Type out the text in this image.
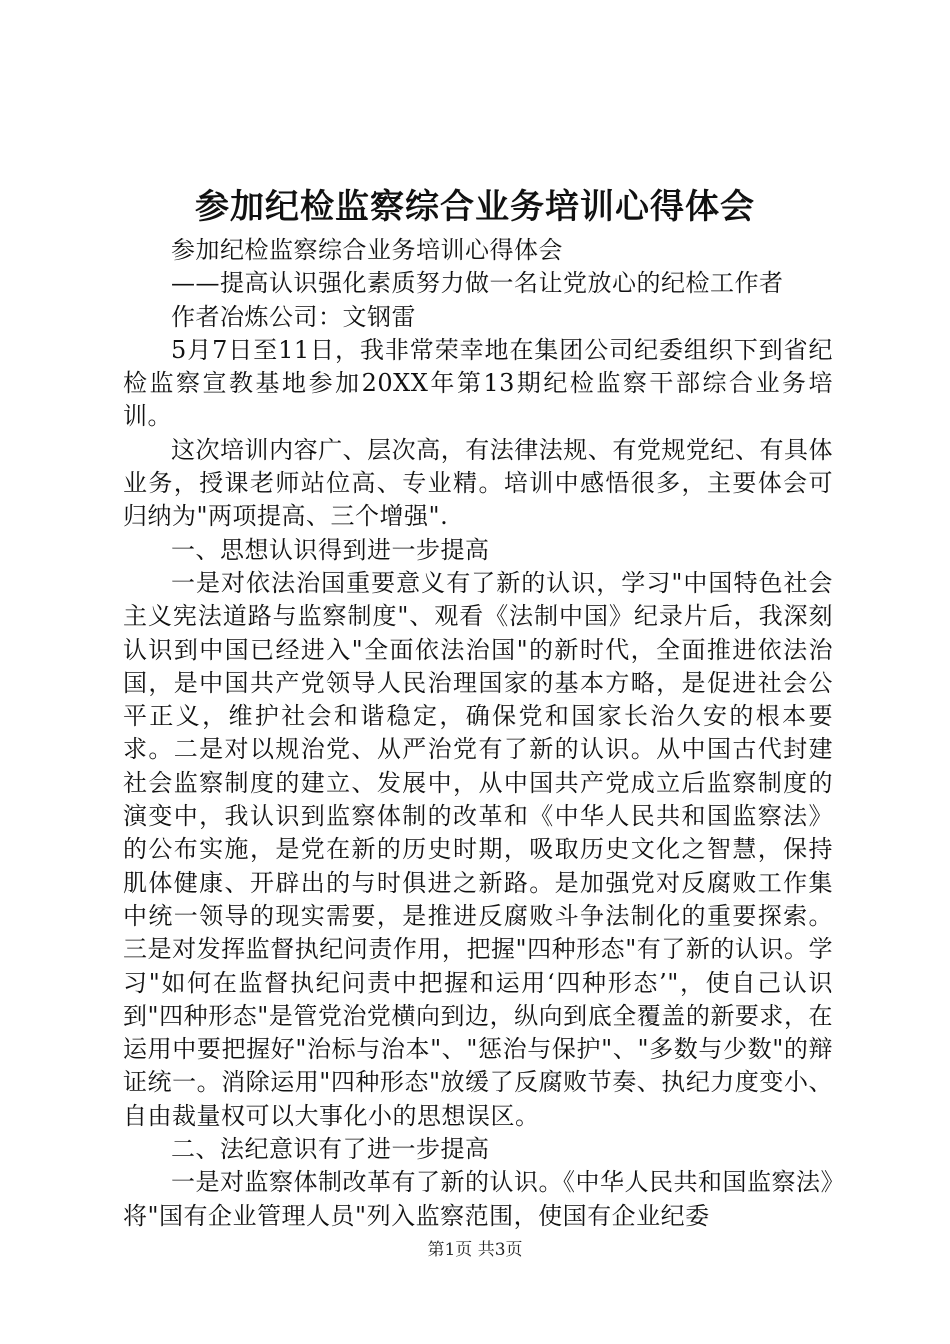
参加纪检监察综合业务培训心得体会

参加纪检监察综合业务培训心得体会

——提高认识强化素质努力做一名让党放心的纪检工作者

作者冶炼公司：文钢雷

5月7日至11日，我非常荣幸地在集团公司纪委组织下到省纪检监察宣教基地参加20XX年第13期纪检监察干部综合业务培训。

这次培训内容广、层次高，有法律法规、有党规党纪、有具体业务，授课老师站位高、专业精。培训中感悟很多，主要体会可归纳为"两项提高、三个增强".

一、思想认识得到进一步提高

一是对依法治国重要意义有了新的认识，学习"中国特色社会主义宪法道路与监察制度"、观看《法制中国》纪录片后，我深刻认识到中国已经进入"全面依法治国"的新时代，全面推进依法治国，是中国共产党领导人民治理国家的基本方略，是促进社会公平正义，维护社会和谐稳定，确保党和国家长治久安的根本要求。二是对以规治党、从严治党有了新的认识。从中国古代封建社会监察制度的建立、发展中，从中国共产党成立后监察制度的演变中，我认识到监察体制的改革和《中华人民共和国监察法》的公布实施，是党在新的历史时期，吸取历史文化之智慧，保持肌体健康、开辟出的与时俱进之新路。是加强党对反腐败工作集中统一领导的现实需要，是推进反腐败斗争法制化的重要探索。三是对发挥监督执纪问责作用，把握"四种形态"有了新的认识。学习"如何在监督执纪问责中把握和运用‘四种形态’"，使自己认识到"四种形态"是管党治党横向到边，纵向到底全覆盖的新要求，在运用中要把握好"治标与治本"、"惩治与保护"、"多数与少数"的辩证统一。消除运用"四种形态"放缓了反腐败节奏、执纪力度变小、自由裁量权可以大事化小的思想误区。

二、法纪意识有了进一步提高

一是对监察体制改革有了新的认识。《中华人民共和国监察法》将"国有企业管理人员"列入监察范围，使国有企业纪委

第1页 共3页
